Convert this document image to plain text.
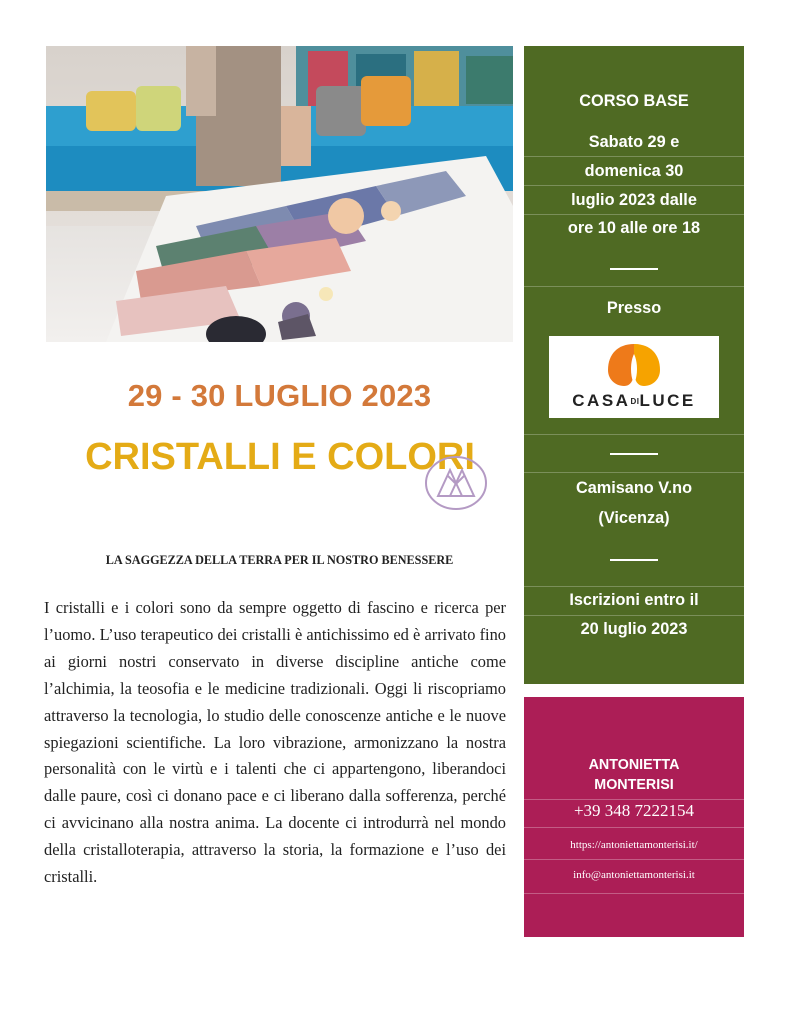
29 - 30 LUGLIO 2023
CRISTALLI E COLORI
LA SAGGEZZA DELLA TERRA PER IL NOSTRO BENESSERE
I cristalli e i colori sono da sempre oggetto di fascino e ricerca per l’uomo. L’uso terapeutico dei cristalli è antichissimo ed è arrivato fino ai giorni nostri conservato in diverse discipline antiche come l’alchimia, la teosofia e le medicine tradizionali. Oggi li riscopriamo attraverso la tecnologia, lo studio delle conoscenze antiche e le nuove spiegazioni scientifiche. La loro vibrazione, armonizzano la nostra personalità con le virtù e i talenti che ci appartengono, liberandoci dalle paure, così ci donano pace e ci liberano dalla sofferenza, perché ci avvicinano alla nostra anima. La docente ci introdurrà nel mondo della cristalloterapia, attraverso la storia, la formazione e l’uso dei cristalli.
CORSO BASE
Sabato 29 e
domenica 30
luglio 2023 dalle
ore 10 alle ore 18
Presso
CASADILUCE
Camisano V.no
(Vicenza)
Iscrizioni entro il
20 luglio 2023
ANTONIETTA
MONTERISI
+39 348 7222154
https://antoniettamonterisi.it/
info@antoniettamonterisi.it
